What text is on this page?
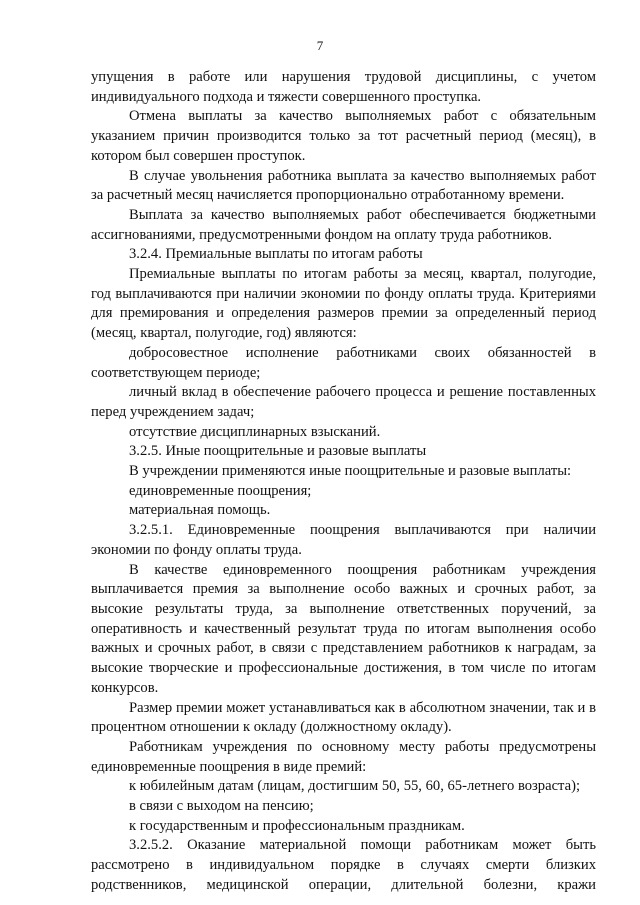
7

упущения в работе или нарушения трудовой дисциплины, с учетом индивидуального подхода и тяжести совершенного проступка.

Отмена выплаты за качество выполняемых работ с обязательным указанием причин производится только за тот расчетный период (месяц), в котором был совершен проступок.

В случае увольнения работника выплата за качество выполняемых работ за расчетный месяц начисляется пропорционально отработанному времени.

Выплата за качество выполняемых работ обеспечивается бюджетными ассигнованиями, предусмотренными фондом на оплату труда работников.

3.2.4. Премиальные выплаты по итогам работы

Премиальные выплаты по итогам работы за месяц, квартал, полугодие, год выплачиваются при наличии экономии по фонду оплаты труда. Критериями для премирования и определения размеров премии за определенный период (месяц, квартал, полугодие, год) являются:

добросовестное исполнение работниками своих обязанностей в соответствующем периоде;

личный вклад в обеспечение рабочего процесса и решение поставленных перед учреждением задач;

отсутствие дисциплинарных взысканий.

3.2.5. Иные поощрительные и разовые выплаты

В учреждении применяются иные поощрительные и разовые выплаты:

единовременные поощрения;

материальная помощь.

3.2.5.1. Единовременные поощрения выплачиваются при наличии экономии по фонду оплаты труда.

В качестве единовременного поощрения работникам учреждения выплачивается премия за выполнение особо важных и срочных работ, за высокие результаты труда, за выполнение ответственных поручений, за оперативность и качественный результат труда по итогам выполнения особо важных и срочных работ, в связи с представлением работников к наградам, за высокие творческие и профессиональные достижения, в том числе по итогам конкурсов.

Размер премии может устанавливаться как в абсолютном значении, так и в процентном отношении к окладу (должностному окладу).

Работникам учреждения по основному месту работы предусмотрены единовременные поощрения в виде премий:

к юбилейным датам (лицам, достигшим 50, 55, 60, 65-летнего возраста);

в связи с выходом на пенсию;

к государственным и профессиональным праздникам.

3.2.5.2. Оказание материальной помощи работникам может быть рассмотрено в индивидуальном порядке в случаях смерти близких родственников, медицинской операции, длительной болезни, кражи
